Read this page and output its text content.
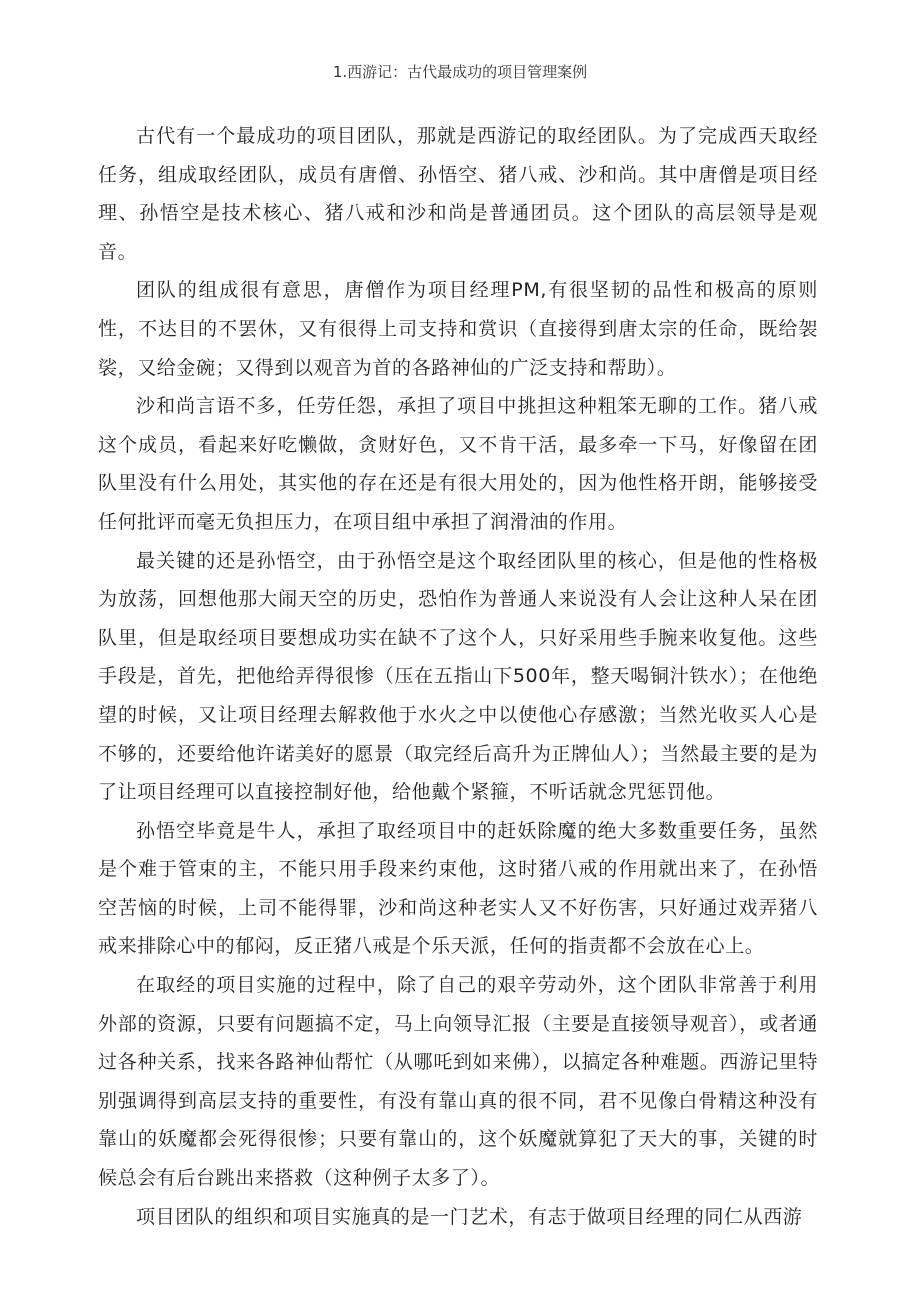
1.西游记：古代最成功的项目管理案例

古代有一个最成功的项目团队，那就是西游记的取经团队。为了完成西天取经任务，组成取经团队，成员有唐僧、孙悟空、猪八戒、沙和尚。其中唐僧是项目经理、孙悟空是技术核心、猪八戒和沙和尚是普通团员。这个团队的高层领导是观音。

团队的组成很有意思，唐僧作为项目经理PM,有很坚韧的品性和极高的原则性，不达目的不罢休，又有很得上司支持和赏识（直接得到唐太宗的任命，既给袈裟，又给金碗；又得到以观音为首的各路神仙的广泛支持和帮助）。

沙和尚言语不多，任劳任怨，承担了项目中挑担这种粗笨无聊的工作。猪八戒这个成员，看起来好吃懒做，贪财好色，又不肯干活，最多牵一下马，好像留在团队里没有什么用处，其实他的存在还是有很大用处的，因为他性格开朗，能够接受任何批评而毫无负担压力，在项目组中承担了润滑油的作用。

最关键的还是孙悟空，由于孙悟空是这个取经团队里的核心，但是他的性格极为放荡，回想他那大闹天空的历史，恐怕作为普通人来说没有人会让这种人呆在团队里，但是取经项目要想成功实在缺不了这个人，只好采用些手腕来收复他。这些手段是，首先，把他给弄得很惨（压在五指山下500年，整天喝铜汁铁水）；在他绝望的时候，又让项目经理去解救他于水火之中以使他心存感激；当然光收买人心是不够的，还要给他许诺美好的愿景（取完经后高升为正牌仙人）；当然最主要的是为了让项目经理可以直接控制好他，给他戴个紧箍，不听话就念咒惩罚他。

孙悟空毕竟是牛人，承担了取经项目中的赶妖除魔的绝大多数重要任务，虽然是个难于管束的主，不能只用手段来约束他，这时猪八戒的作用就出来了，在孙悟空苦恼的时候，上司不能得罪，沙和尚这种老实人又不好伤害，只好通过戏弄猪八戒来排除心中的郁闷，反正猪八戒是个乐天派，任何的指责都不会放在心上。

在取经的项目实施的过程中，除了自己的艰辛劳动外，这个团队非常善于利用外部的资源，只要有问题搞不定，马上向领导汇报（主要是直接领导观音），或者通过各种关系，找来各路神仙帮忙（从哪吒到如来佛），以搞定各种难题。西游记里特别强调得到高层支持的重要性，有没有靠山真的很不同，君不见像白骨精这种没有靠山的妖魔都会死得很惨；只要有靠山的，这个妖魔就算犯了天大的事，关键的时候总会有后台跳出来搭救（这种例子太多了）。

项目团队的组织和项目实施真的是一门艺术，有志于做项目经理的同仁从西游
